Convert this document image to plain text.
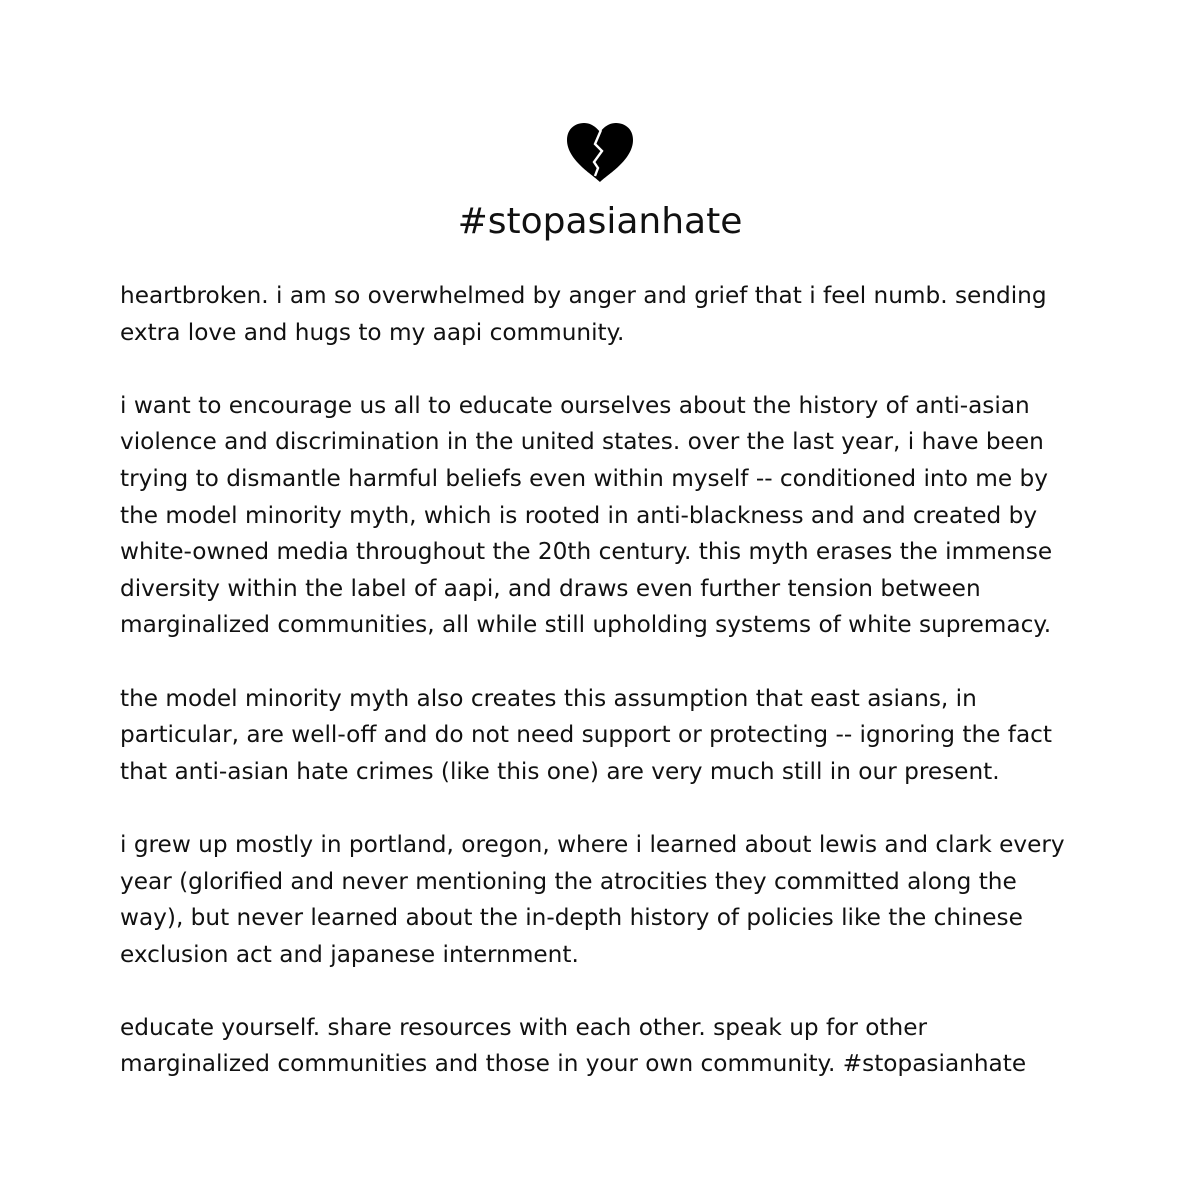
#stopasianhate

heartbroken. i am so overwhelmed by anger and grief that i feel numb. sending
extra love and hugs to my aapi community.

i want to encourage us all to educate ourselves about the history of anti-asian
violence and discrimination in the united states. over the last year, i have been
trying to dismantle harmful beliefs even within myself -- conditioned into me by
the model minority myth, which is rooted in anti-blackness and and created by
white-owned media throughout the 20th century. this myth erases the immense
diversity within the label of aapi, and draws even further tension between
marginalized communities, all while still upholding systems of white supremacy.

the model minority myth also creates this assumption that east asians, in
particular, are well-off and do not need support or protecting -- ignoring the fact
that anti-asian hate crimes (like this one) are very much still in our present.

i grew up mostly in portland, oregon, where i learned about lewis and clark every
year (glorified and never mentioning the atrocities they committed along the
way), but never learned about the in-depth history of policies like the chinese
exclusion act and japanese internment.

educate yourself. share resources with each other. speak up for other
marginalized communities and those in your own community. #stopasianhate
